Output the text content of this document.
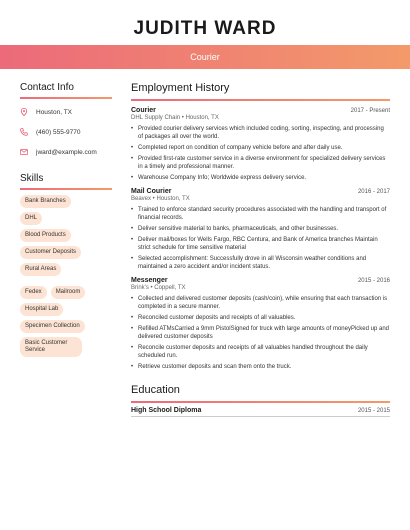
JUDITH WARD
Courier
Contact Info
Houston, TX
(460) 555-9770
jward@example.com
Skills
Bank Branches
DHL
Blood Products
Customer Deposits
Rural Areas
Fedex Mailroom
Hospital Lab
Specimen Collection
Basic Customer Service
Employment History
Courier	2017 - Present
DHL Supply Chain • Houston, TX
• Provided courier delivery services which included coding, sorting, inspecting, and processing of packages all over the world.
• Completed report on condition of company vehicle before and after daily use.
• Provided first-rate customer service in a diverse environment for specialized delivery services in a timely and professional manner.
• Warehouse Company Info; Worldwide express delivery service.
Mail Courier	2016 - 2017
Beavex • Houston, TX
• Trained to enforce standard security procedures associated with the handling and transport of financial records.
• Deliver sensitive material to banks, pharmaceuticals, and other businesses.
• Deliver mail/boxes for Wells Fargo, RBC Centura, and Bank of America branches Maintain strict schedule for time sensitive material
• Selected accomplishment: Successfully drove in all Wisconsin weather conditions and maintained a zero accident and/or incident status.
Messenger	2015 - 2016
Brink's • Coppell, TX
• Collected and delivered customer deposits (cash/coin), while ensuring that each transaction is completed in a secure manner.
• Reconciled customer deposits and receipts of all valuables.
• Refilled ATMsCarried a 9mm PistolSigned for truck with large amounts of moneyPicked up and delivered customer deposits
• Reconcile customer deposits and receipts of all valuables handled throughout the daily scheduled run.
• Retrieve customer deposits and scan them onto the truck.
Education
High School Diploma	2015 - 2015
